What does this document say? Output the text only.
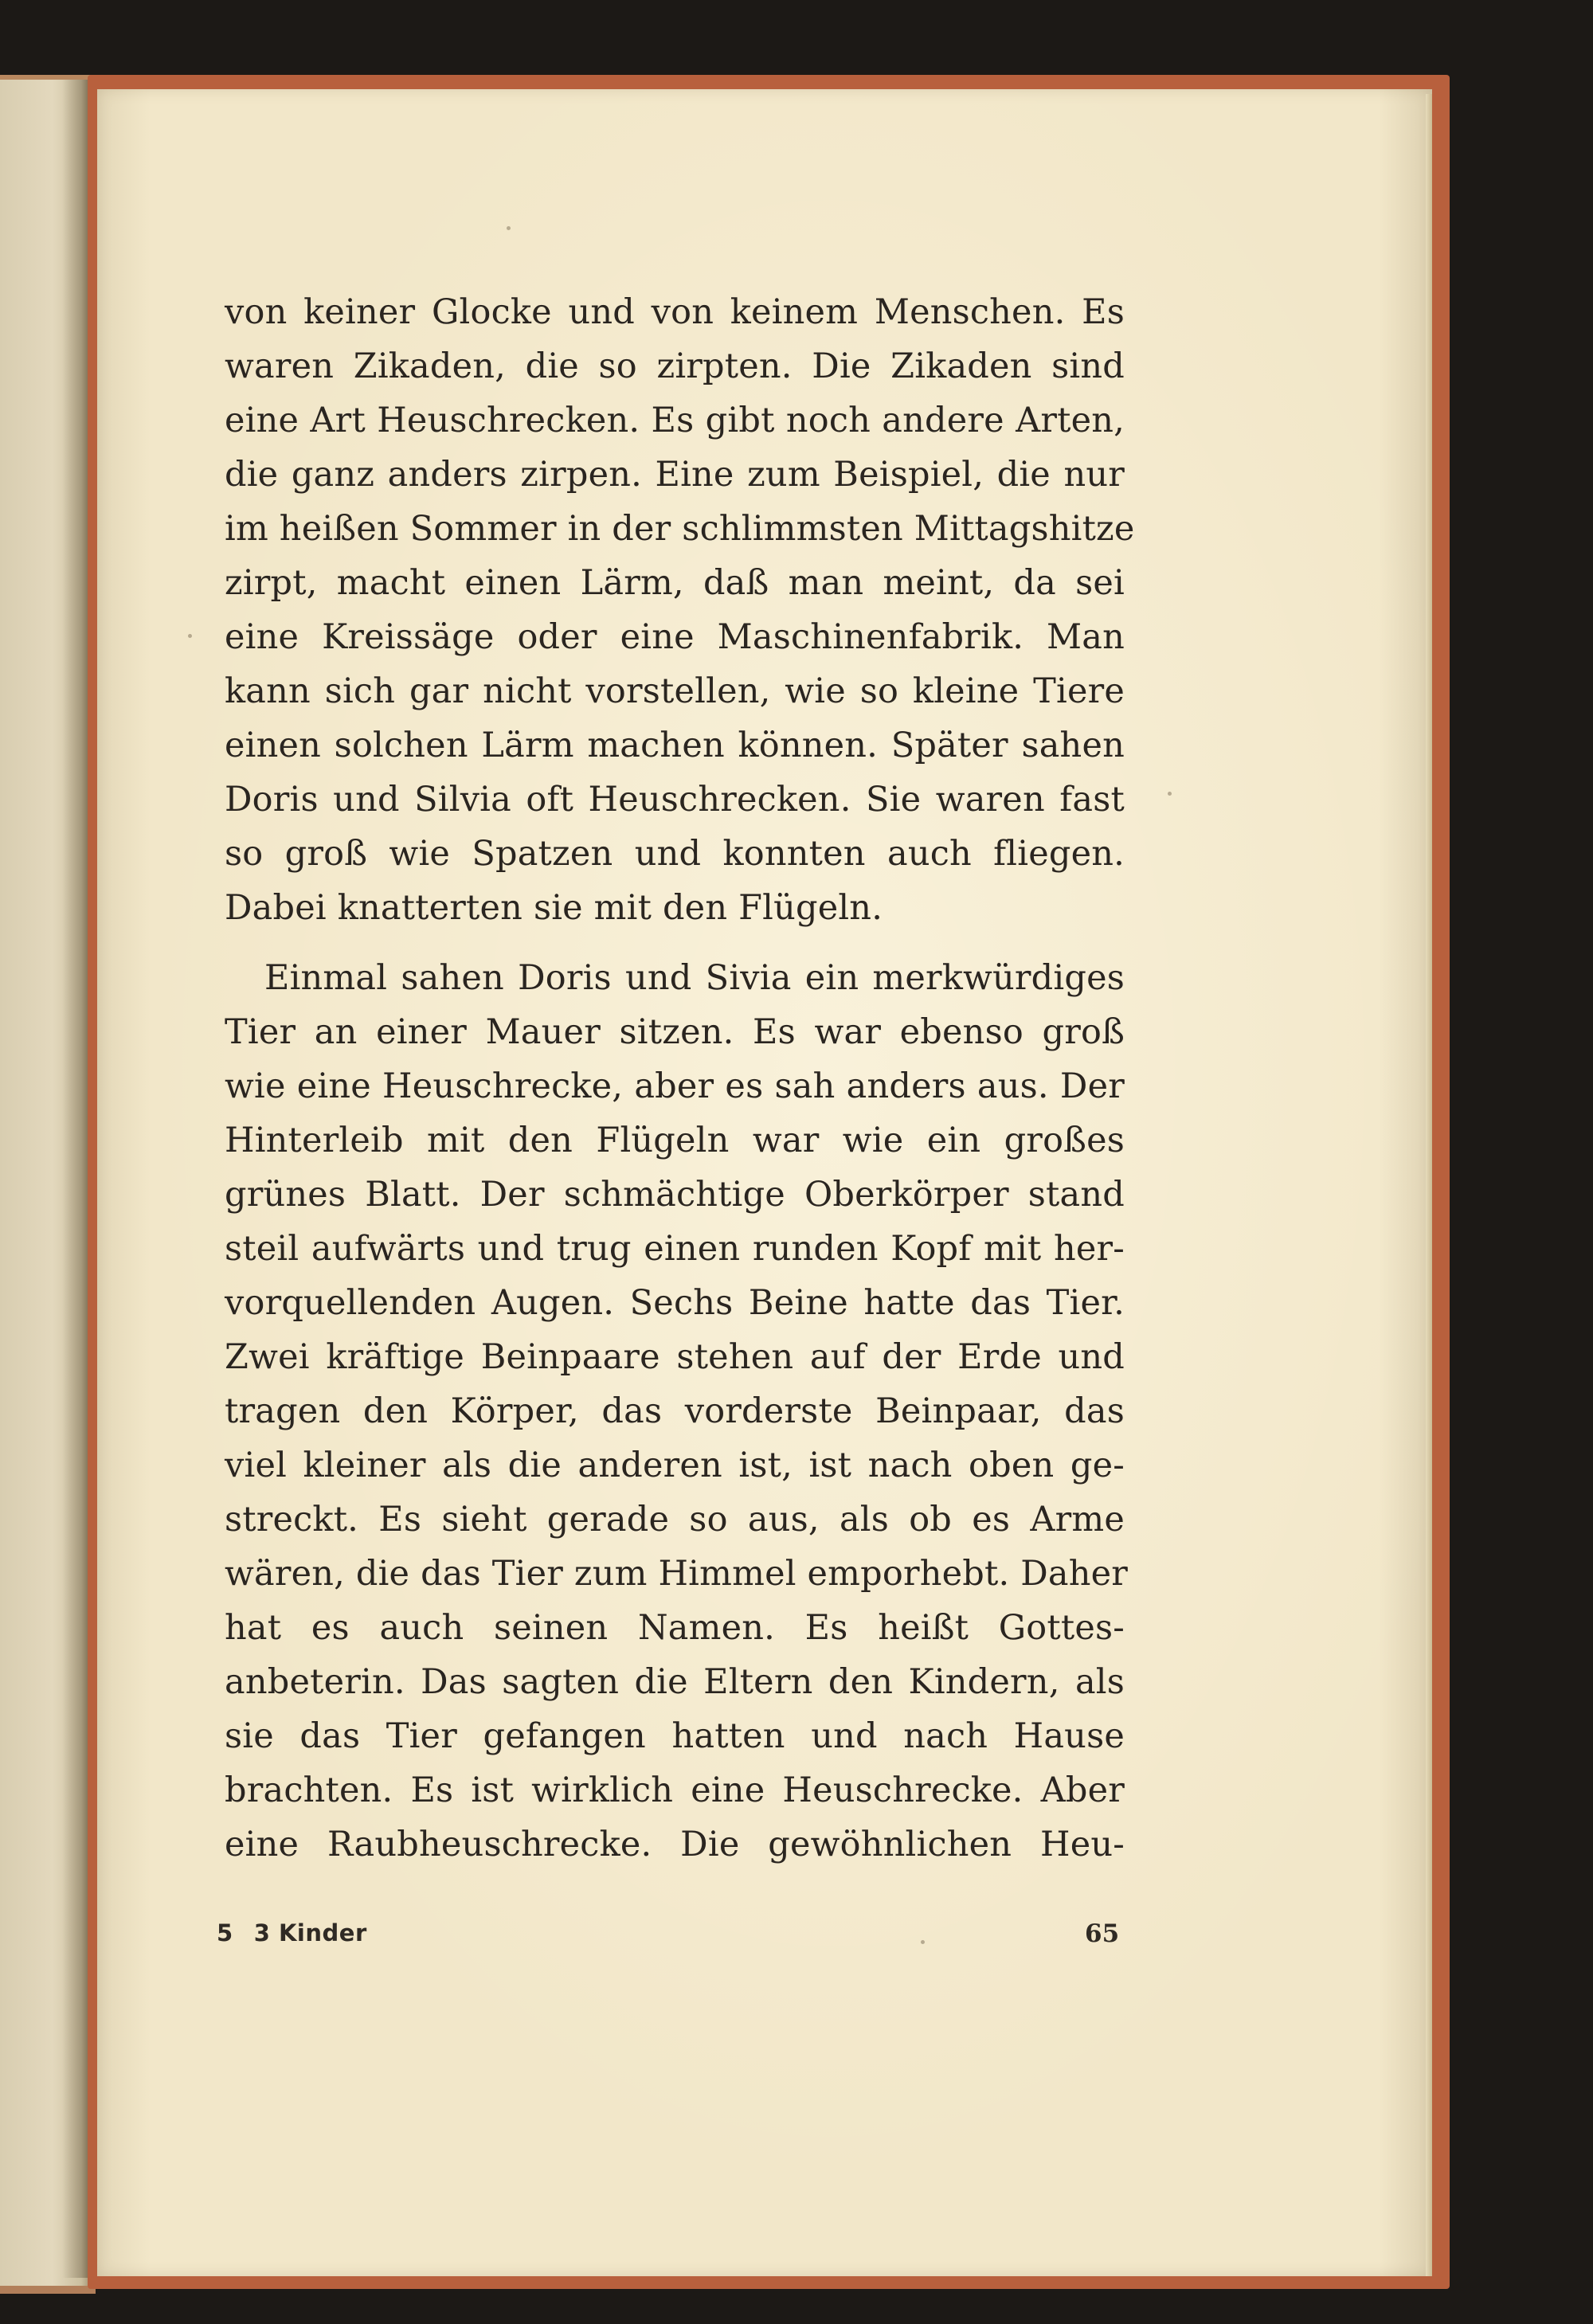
von keiner Glocke und von keinem Menschen. Es
waren Zikaden, die so zirpten. Die Zikaden sind
eine Art Heuschrecken. Es gibt noch andere Arten,
die ganz anders zirpen. Eine zum Beispiel, die nur
im heißen Sommer in der schlimmsten Mittagshitze
zirpt, macht einen Lärm, daß man meint, da sei
eine Kreissäge oder eine Maschinenfabrik. Man
kann sich gar nicht vorstellen, wie so kleine Tiere
einen solchen Lärm machen können. Später sahen
Doris und Silvia oft Heuschrecken. Sie waren fast
so groß wie Spatzen und konnten auch fliegen.
Dabei knatterten sie mit den Flügeln.
Einmal sahen Doris und Sivia ein merkwürdiges
Tier an einer Mauer sitzen. Es war ebenso groß
wie eine Heuschrecke, aber es sah anders aus. Der
Hinterleib mit den Flügeln war wie ein großes
grünes Blatt. Der schmächtige Oberkörper stand
steil aufwärts und trug einen runden Kopf mit her-
vorquellenden Augen. Sechs Beine hatte das Tier.
Zwei kräftige Beinpaare stehen auf der Erde und
tragen den Körper, das vorderste Beinpaar, das
viel kleiner als die anderen ist, ist nach oben ge-
streckt. Es sieht gerade so aus, als ob es Arme
wären, die das Tier zum Himmel emporhebt. Daher
hat es auch seinen Namen. Es heißt Gottes-
anbeterin. Das sagten die Eltern den Kindern, als
sie das Tier gefangen hatten und nach Hause
brachten. Es ist wirklich eine Heuschrecke. Aber
eine Raubheuschrecke. Die gewöhnlichen Heu-
5 3 Kinder	65
